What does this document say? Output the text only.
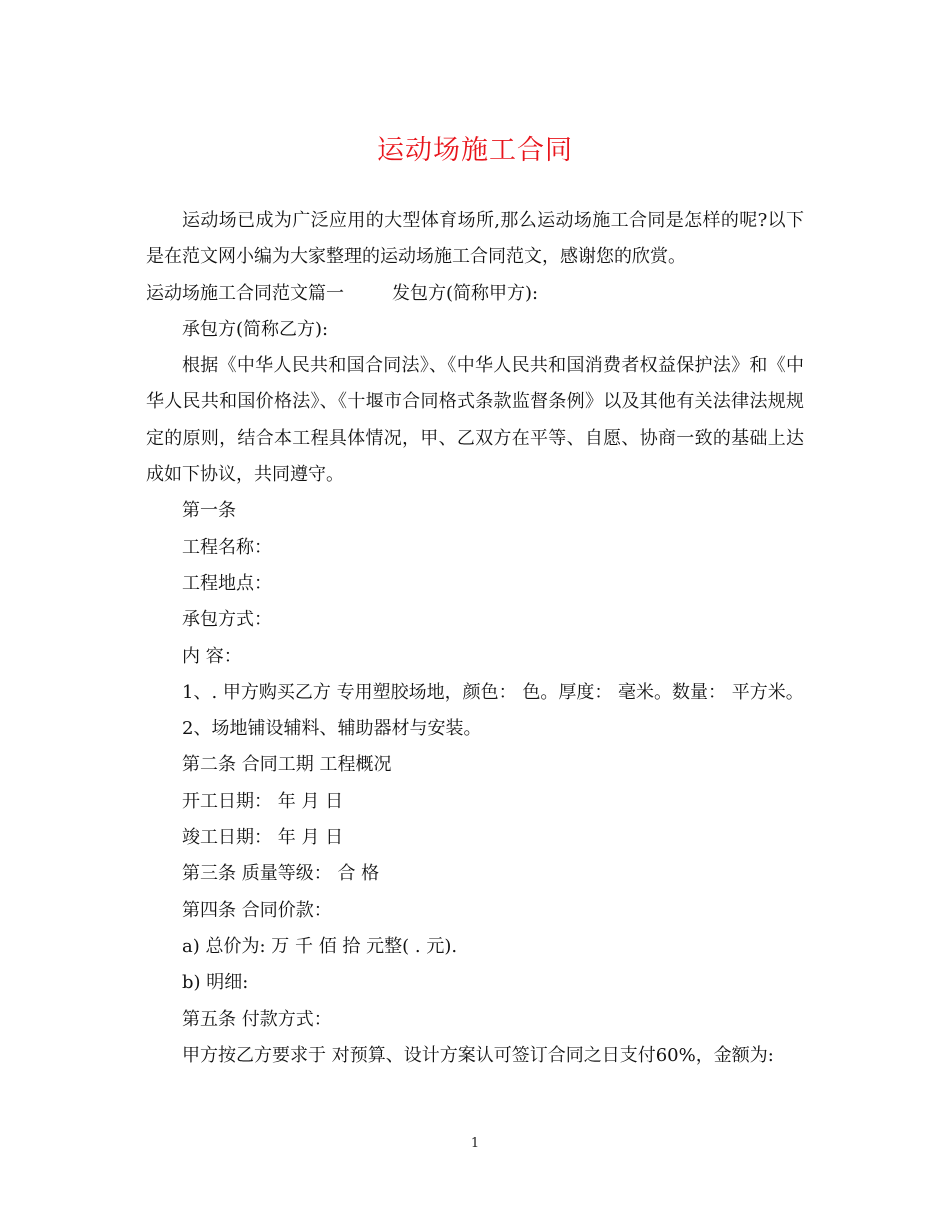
运动场施工合同

运动场已成为广泛应用的大型体育场所,那么运动场施工合同是怎样的呢?以下是在范文网小编为大家整理的运动场施工合同范文，感谢您的欣赏。

运动场施工合同范文篇一	发包方(简称甲方):

承包方(简称乙方):

根据《中华人民共和国合同法》、《中华人民共和国消费者权益保护法》和《中华人民共和国价格法》、《十堰市合同格式条款监督条例》以及其他有关法律法规规定的原则，结合本工程具体情况，甲、乙双方在平等、自愿、协商一致的基础上达成如下协议，共同遵守。

第一条

工程名称：

工程地点：

承包方式：

内 容：

1、. 甲方购买乙方 专用塑胶场地，颜色： 色。厚度： 毫米。数量： 平方米。

2、场地铺设辅料、辅助器材与安装。

第二条 合同工期 工程概况

开工日期： 年 月 日

竣工日期： 年 月 日

第三条 质量等级： 合 格

第四条 合同价款：

a) 总价为: 万 千 佰 拾 元整( . 元).

b) 明细:

第五条 付款方式：

甲方按乙方要求于 对预算、设计方案认可签订合同之日支付60%，金额为:

1
